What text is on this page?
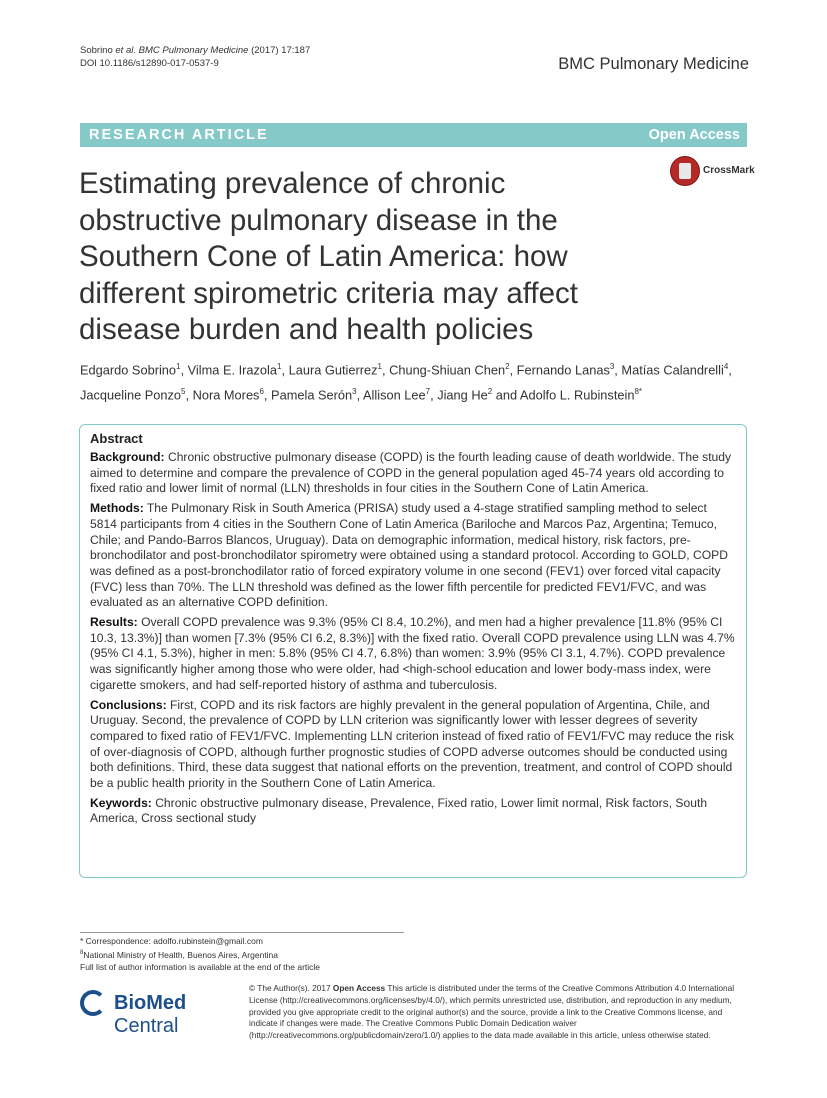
Sobrino et al. BMC Pulmonary Medicine (2017) 17:187
DOI 10.1186/s12890-017-0537-9	BMC Pulmonary Medicine
RESEARCH ARTICLE	Open Access
CrossMark
Estimating prevalence of chronic obstructive pulmonary disease in the Southern Cone of Latin America: how different spirometric criteria may affect disease burden and health policies

Edgardo Sobrino$^1$, Vilma E. Irazola$^1$, Laura Gutierrez$^1$, Chung-Shiuan Chen$^2$, Fernando Lanas$^3$, Matías Calandrelli$^4$, Jacqueline Ponzo$^5$, Nora Mores$^6$, Pamela Serón$^3$, Allison Lee$^7$, Jiang He$^2$ and Adolfo L. Rubinstein$^{8*}$

Abstract

Background: Chronic obstructive pulmonary disease (COPD) is the fourth leading cause of death worldwide. The study aimed to determine and compare the prevalence of COPD in the general population aged 45-74 years old according to fixed ratio and lower limit of normal (LLN) thresholds in four cities in the Southern Cone of Latin America.

Methods: The Pulmonary Risk in South America (PRISA) study used a 4-stage stratified sampling method to select 5814 participants from 4 cities in the Southern Cone of Latin America (Bariloche and Marcos Paz, Argentina; Temuco, Chile; and Pando-Barros Blancos, Uruguay). Data on demographic information, medical history, risk factors, pre-bronchodilator and post-bronchodilator spirometry were obtained using a standard protocol. According to GOLD, COPD was defined as a post-bronchodilator ratio of forced expiratory volume in one second (FEV1) over forced vital capacity (FVC) less than 70%. The LLN threshold was defined as the lower fifth percentile for predicted FEV1/FVC, and was evaluated as an alternative COPD definition.

Results: Overall COPD prevalence was 9.3% (95% CI 8.4, 10.2%), and men had a higher prevalence [11.8% (95% CI 10.3, 13.3%)] than women [7.3% (95% CI 6.2, 8.3%)] with the fixed ratio. Overall COPD prevalence using LLN was 4.7% (95% CI 4.1, 5.3%), higher in men: 5.8% (95% CI 4.7, 6.8%) than women: 3.9% (95% CI 3.1, 4.7%). COPD prevalence was significantly higher among those who were older, had <high-school education and lower body-mass index, were cigarette smokers, and had self-reported history of asthma and tuberculosis.

Conclusions: First, COPD and its risk factors are highly prevalent in the general population of Argentina, Chile, and Uruguay. Second, the prevalence of COPD by LLN criterion was significantly lower with lesser degrees of severity compared to fixed ratio of FEV1/FVC. Implementing LLN criterion instead of fixed ratio of FEV1/FVC may reduce the risk of over-diagnosis of COPD, although further prognostic studies of COPD adverse outcomes should be conducted using both definitions. Third, these data suggest that national efforts on the prevention, treatment, and control of COPD should be a public health priority in the Southern Cone of Latin America.

Keywords: Chronic obstructive pulmonary disease, Prevalence, Fixed ratio, Lower limit normal, Risk factors, South America, Cross sectional study

* Correspondence: adolfo.rubinstein@gmail.com
$^8$National Ministry of Health, Buenos Aires, Argentina
Full list of author information is available at the end of the article
BioMed Central
© The Author(s). 2017 Open Access This article is distributed under the terms of the Creative Commons Attribution 4.0 International License (http://creativecommons.org/licenses/by/4.0/), which permits unrestricted use, distribution, and reproduction in any medium, provided you give appropriate credit to the original author(s) and the source, provide a link to the Creative Commons license, and indicate if changes were made. The Creative Commons Public Domain Dedication waiver (http://creativecommons.org/publicdomain/zero/1.0/) applies to the data made available in this article, unless otherwise stated.
